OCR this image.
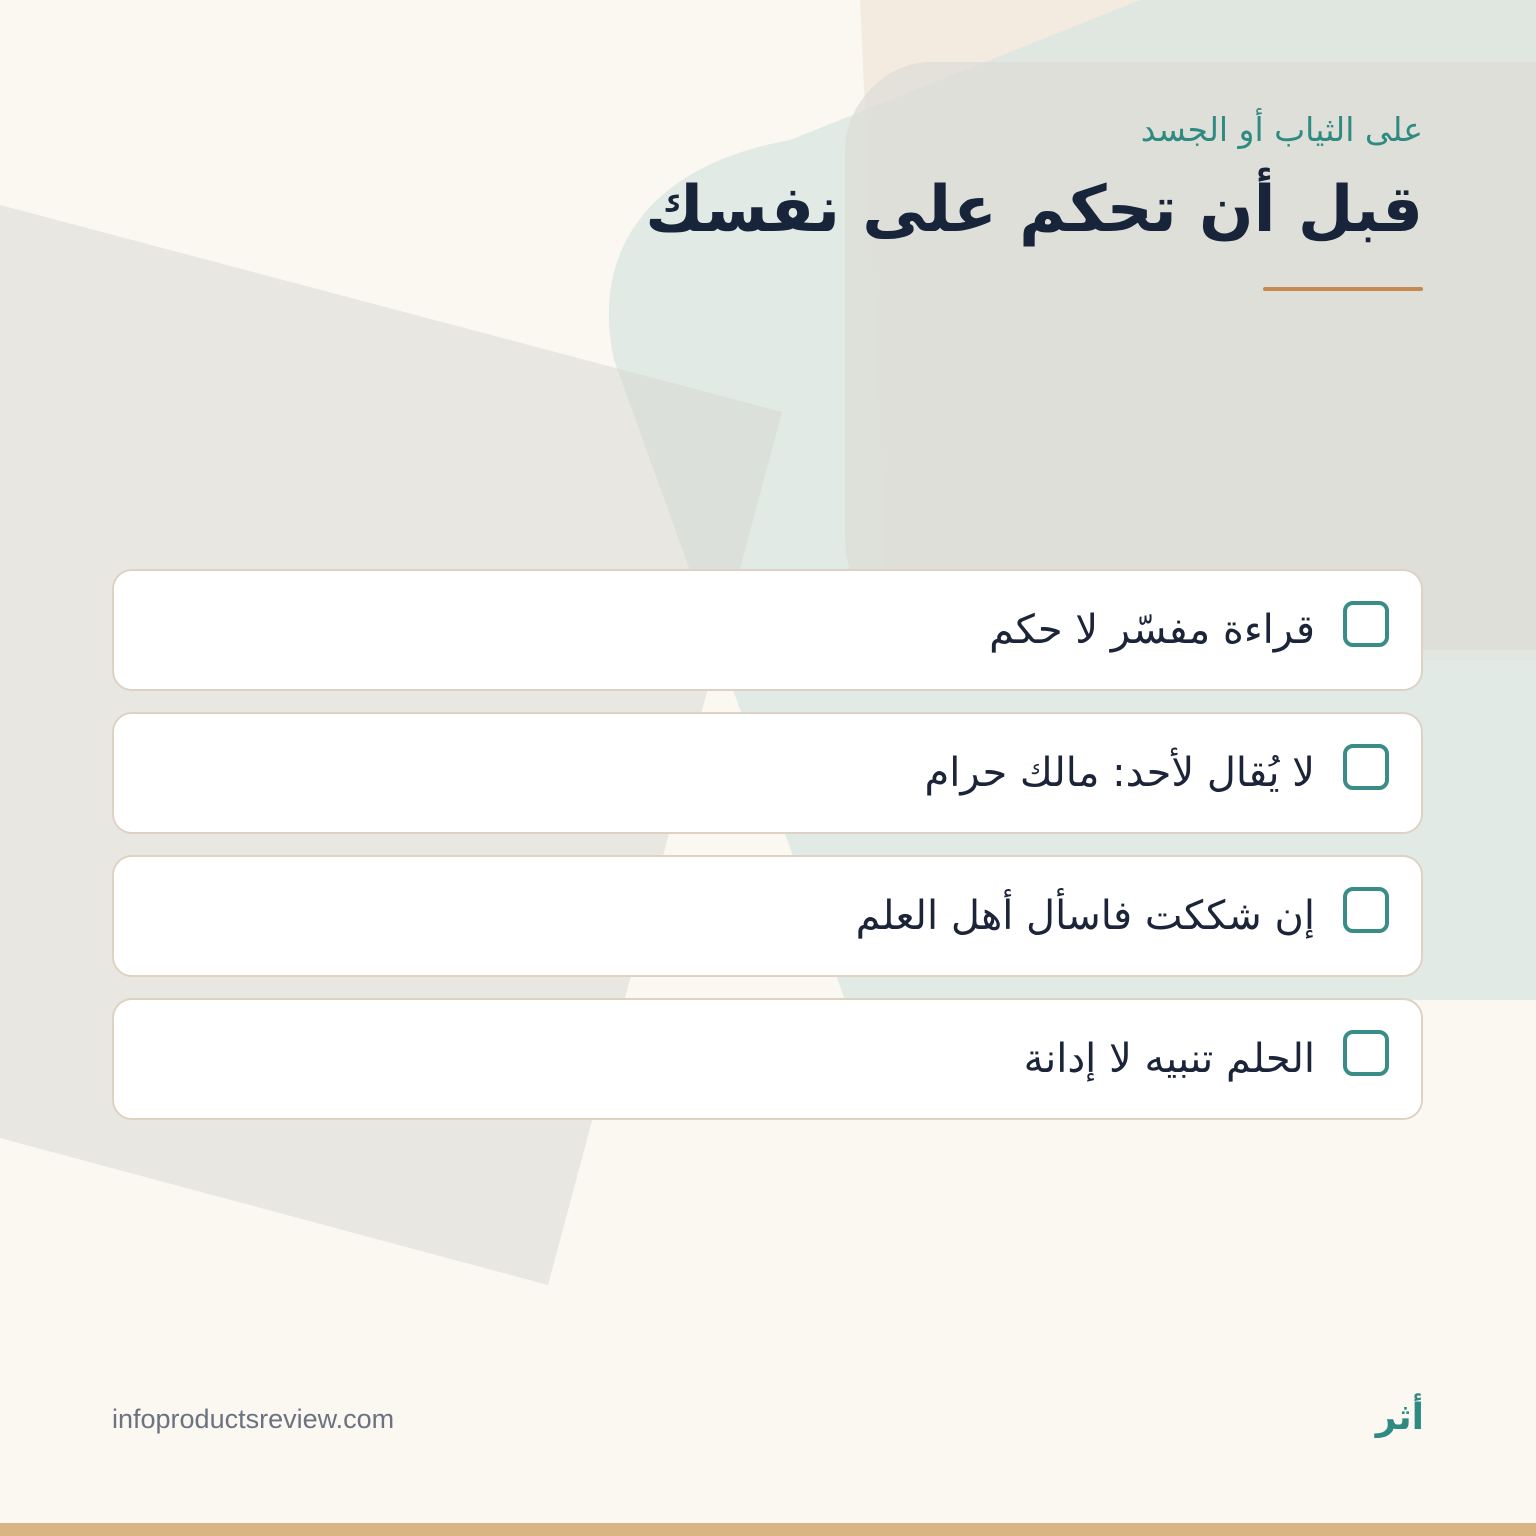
على الثياب أو الجسد
قبل أن تحكم على نفسك
قراءة مفسّر لا حكم
لا يُقال لأحد: مالك حرام
إن شككت فاسأل أهل العلم
الحلم تنبيه لا إدانة
infoproductsreview.com	أثر
